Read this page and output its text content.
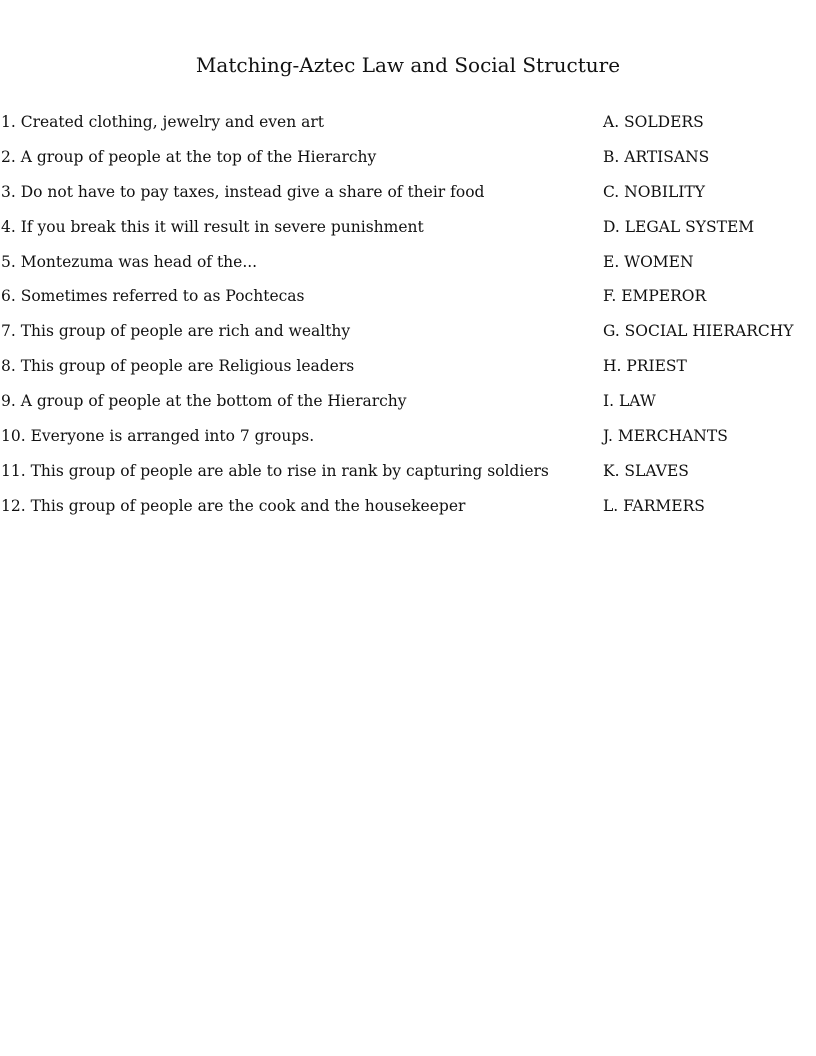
Matching-Aztec Law and Social Structure
1. Created clothing, jewelry and even art	A. SOLDERS
2. A group of people at the top of the Hierarchy	B. ARTISANS
3. Do not have to pay taxes, instead give a share of their food	C. NOBILITY
4. If you break this it will result in severe punishment	D. LEGAL SYSTEM
5. Montezuma was head of the...	E. WOMEN
6. Sometimes referred to as Pochtecas	F. EMPEROR
7. This group of people are rich and wealthy	G. SOCIAL HIERARCHY
8. This group of people are Religious leaders	H. PRIEST
9. A group of people at the bottom of the Hierarchy	I. LAW
10. Everyone is arranged into 7 groups.	J. MERCHANTS
11. This group of people are able to rise in rank by capturing soldiers	K. SLAVES
12. This group of people are the cook and the housekeeper	L. FARMERS
